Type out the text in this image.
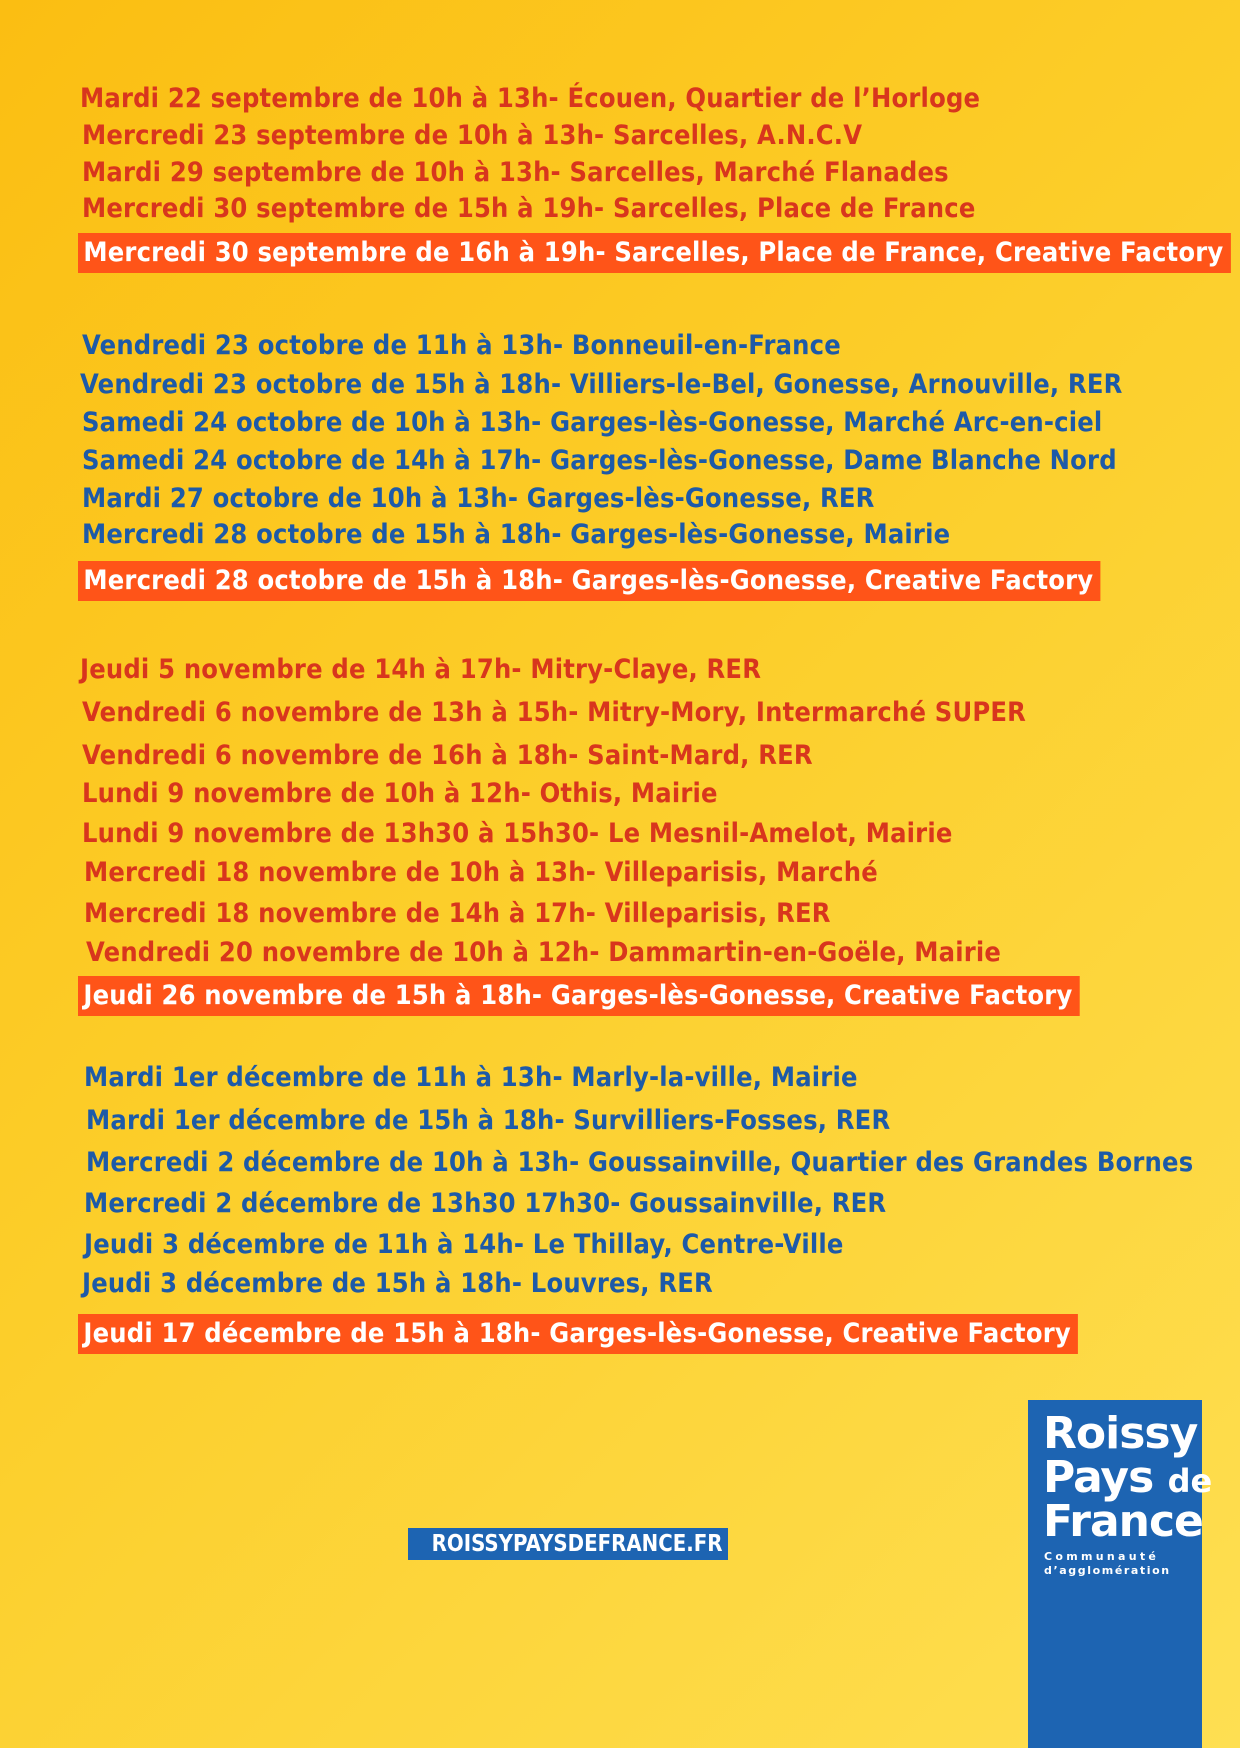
Mardi 22 septembre de 10h à 13h- Écouen, Quartier de l’Horloge
Mercredi 23 septembre de 10h à 13h- Sarcelles, A.N.C.V
Mardi 29 septembre de 10h à 13h- Sarcelles, Marché Flanades
Mercredi 30 septembre de 15h à 19h- Sarcelles, Place de France
Mercredi 30 septembre de 16h à 19h- Sarcelles, Place de France, Creative Factory
Vendredi 23 octobre de 11h à 13h- Bonneuil-en-France
Vendredi 23 octobre de 15h à 18h- Villiers-le-Bel, Gonesse, Arnouville, RER
Samedi 24 octobre de 10h à 13h- Garges-lès-Gonesse, Marché Arc-en-ciel
Samedi 24 octobre de 14h à 17h- Garges-lès-Gonesse, Dame Blanche Nord
Mardi 27 octobre de 10h à 13h- Garges-lès-Gonesse, RER
Mercredi 28 octobre de 15h à 18h- Garges-lès-Gonesse, Mairie
Mercredi 28 octobre de 15h à 18h- Garges-lès-Gonesse, Creative Factory
Jeudi 5 novembre de 14h à 17h- Mitry-Claye, RER
Vendredi 6 novembre de 13h à 15h- Mitry-Mory, Intermarché SUPER
Vendredi 6 novembre de 16h à 18h- Saint-Mard, RER
Lundi 9 novembre de 10h à 12h- Othis, Mairie
Lundi 9 novembre de 13h30 à 15h30- Le Mesnil-Amelot, Mairie
Mercredi 18 novembre de 10h à 13h- Villeparisis, Marché
Mercredi 18 novembre de 14h à 17h- Villeparisis, RER
Vendredi 20 novembre de 10h à 12h- Dammartin-en-Goële, Mairie
Jeudi 26 novembre de 15h à 18h- Garges-lès-Gonesse, Creative Factory
Mardi 1er décembre de 11h à 13h- Marly-la-ville, Mairie
Mardi 1er décembre de 15h à 18h- Survilliers-Fosses, RER
Mercredi 2 décembre de 10h à 13h- Goussainville, Quartier des Grandes Bornes
Mercredi 2 décembre de 13h30 17h30- Goussainville, RER
Jeudi 3 décembre de 11h à 14h- Le Thillay, Centre-Ville
Jeudi 3 décembre de 15h à 18h- Louvres, RER
Jeudi 17 décembre de 15h à 18h- Garges-lès-Gonesse, Creative Factory
ROISSYPAYSDEFRANCE.FR
Roissy
Pays de
France
Communauté
d’agglomération
